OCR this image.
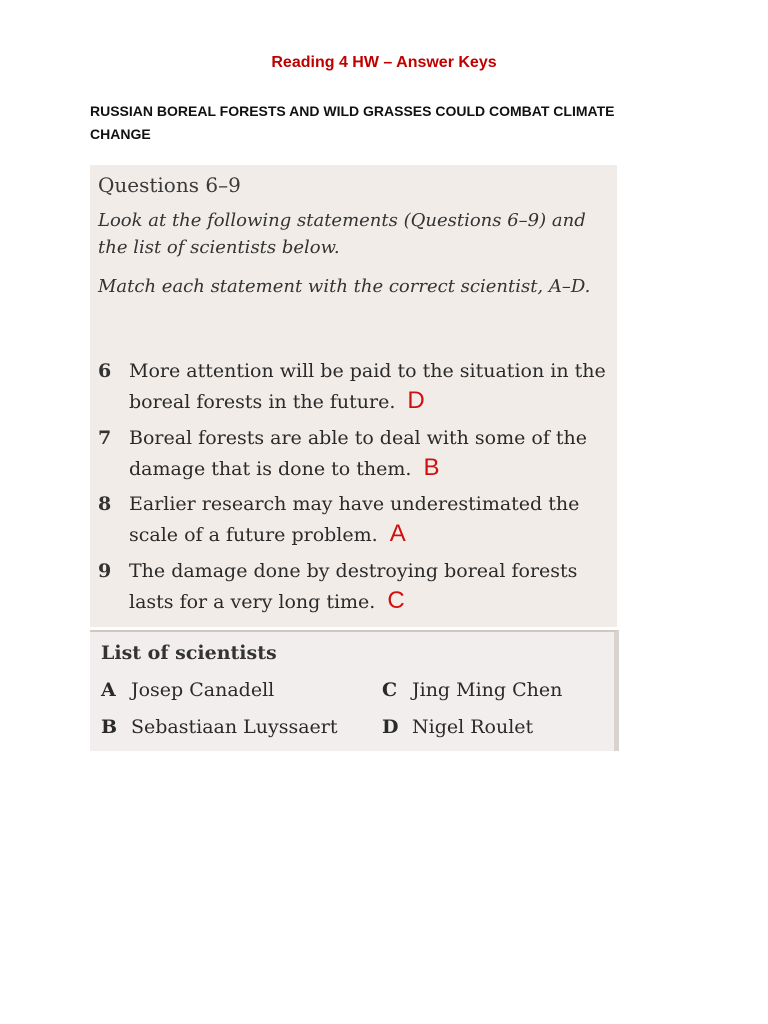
Reading 4 HW – Answer Keys
RUSSIAN BOREAL FORESTS AND WILD GRASSES COULD COMBAT CLIMATE CHANGE
Questions 6–9
Look at the following statements (Questions 6–9) and the list of scientists below.
Match each statement with the correct scientist, A–D.
6 More attention will be paid to the situation in the boreal forests in the future. D
7 Boreal forests are able to deal with some of the damage that is done to them. B
8 Earlier research may have underestimated the scale of a future problem. A
9 The damage done by destroying boreal forests lasts for a very long time. C
List of scientists
A Josep Canadell
B Sebastiaan Luyssaert
C Jing Ming Chen
D Nigel Roulet
